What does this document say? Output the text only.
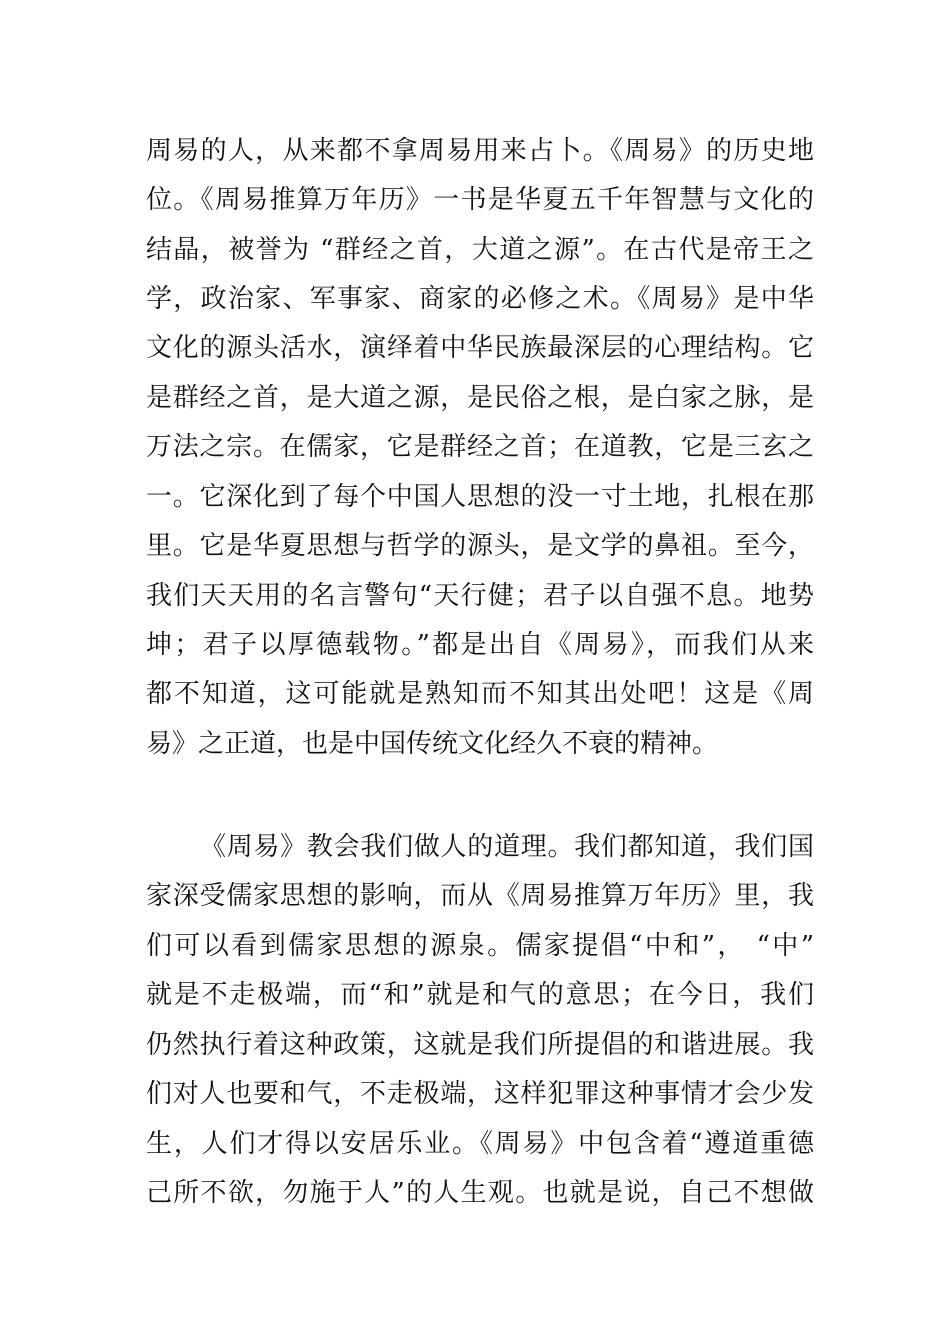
周易的人，从来都不拿周易用来占卜。《周易》的历史地
位。《周易推算万年历》一书是华夏五千年智慧与文化的
结晶，被誉为 “群经之首，大道之源”。在古代是帝王之
学，政治家、军事家、商家的必修之术。《周易》是中华
文化的源头活水，演绎着中华民族最深层的心理结构。它
是群经之首，是大道之源，是民俗之根，是白家之脉，是
万法之宗。在儒家，它是群经之首；在道教，它是三玄之
一。它深化到了每个中国人思想的没一寸土地，扎根在那
里。它是华夏思想与哲学的源头，是文学的鼻祖。至今，
我们天天用的名言警句“天行健；君子以自强不息。地势
坤；君子以厚德载物。”都是出自《周易》，而我们从来
都不知道，这可能就是熟知而不知其出处吧！这是《周
易》之正道，也是中国传统文化经久不衰的精神。
《周易》教会我们做人的道理。我们都知道，我们国
家深受儒家思想的影响，而从《周易推算万年历》里，我
们可以看到儒家思想的源泉。儒家提倡“中和”， “中”
就是不走极端，而“和”就是和气的意思；在今日，我们
仍然执行着这种政策，这就是我们所提倡的和谐进展。我
们对人也要和气，不走极端，这样犯罪这种事情才会少发
生，人们才得以安居乐业。《周易》中包含着“遵道重德
己所不欲，勿施于人”的人生观。也就是说，自己不想做
